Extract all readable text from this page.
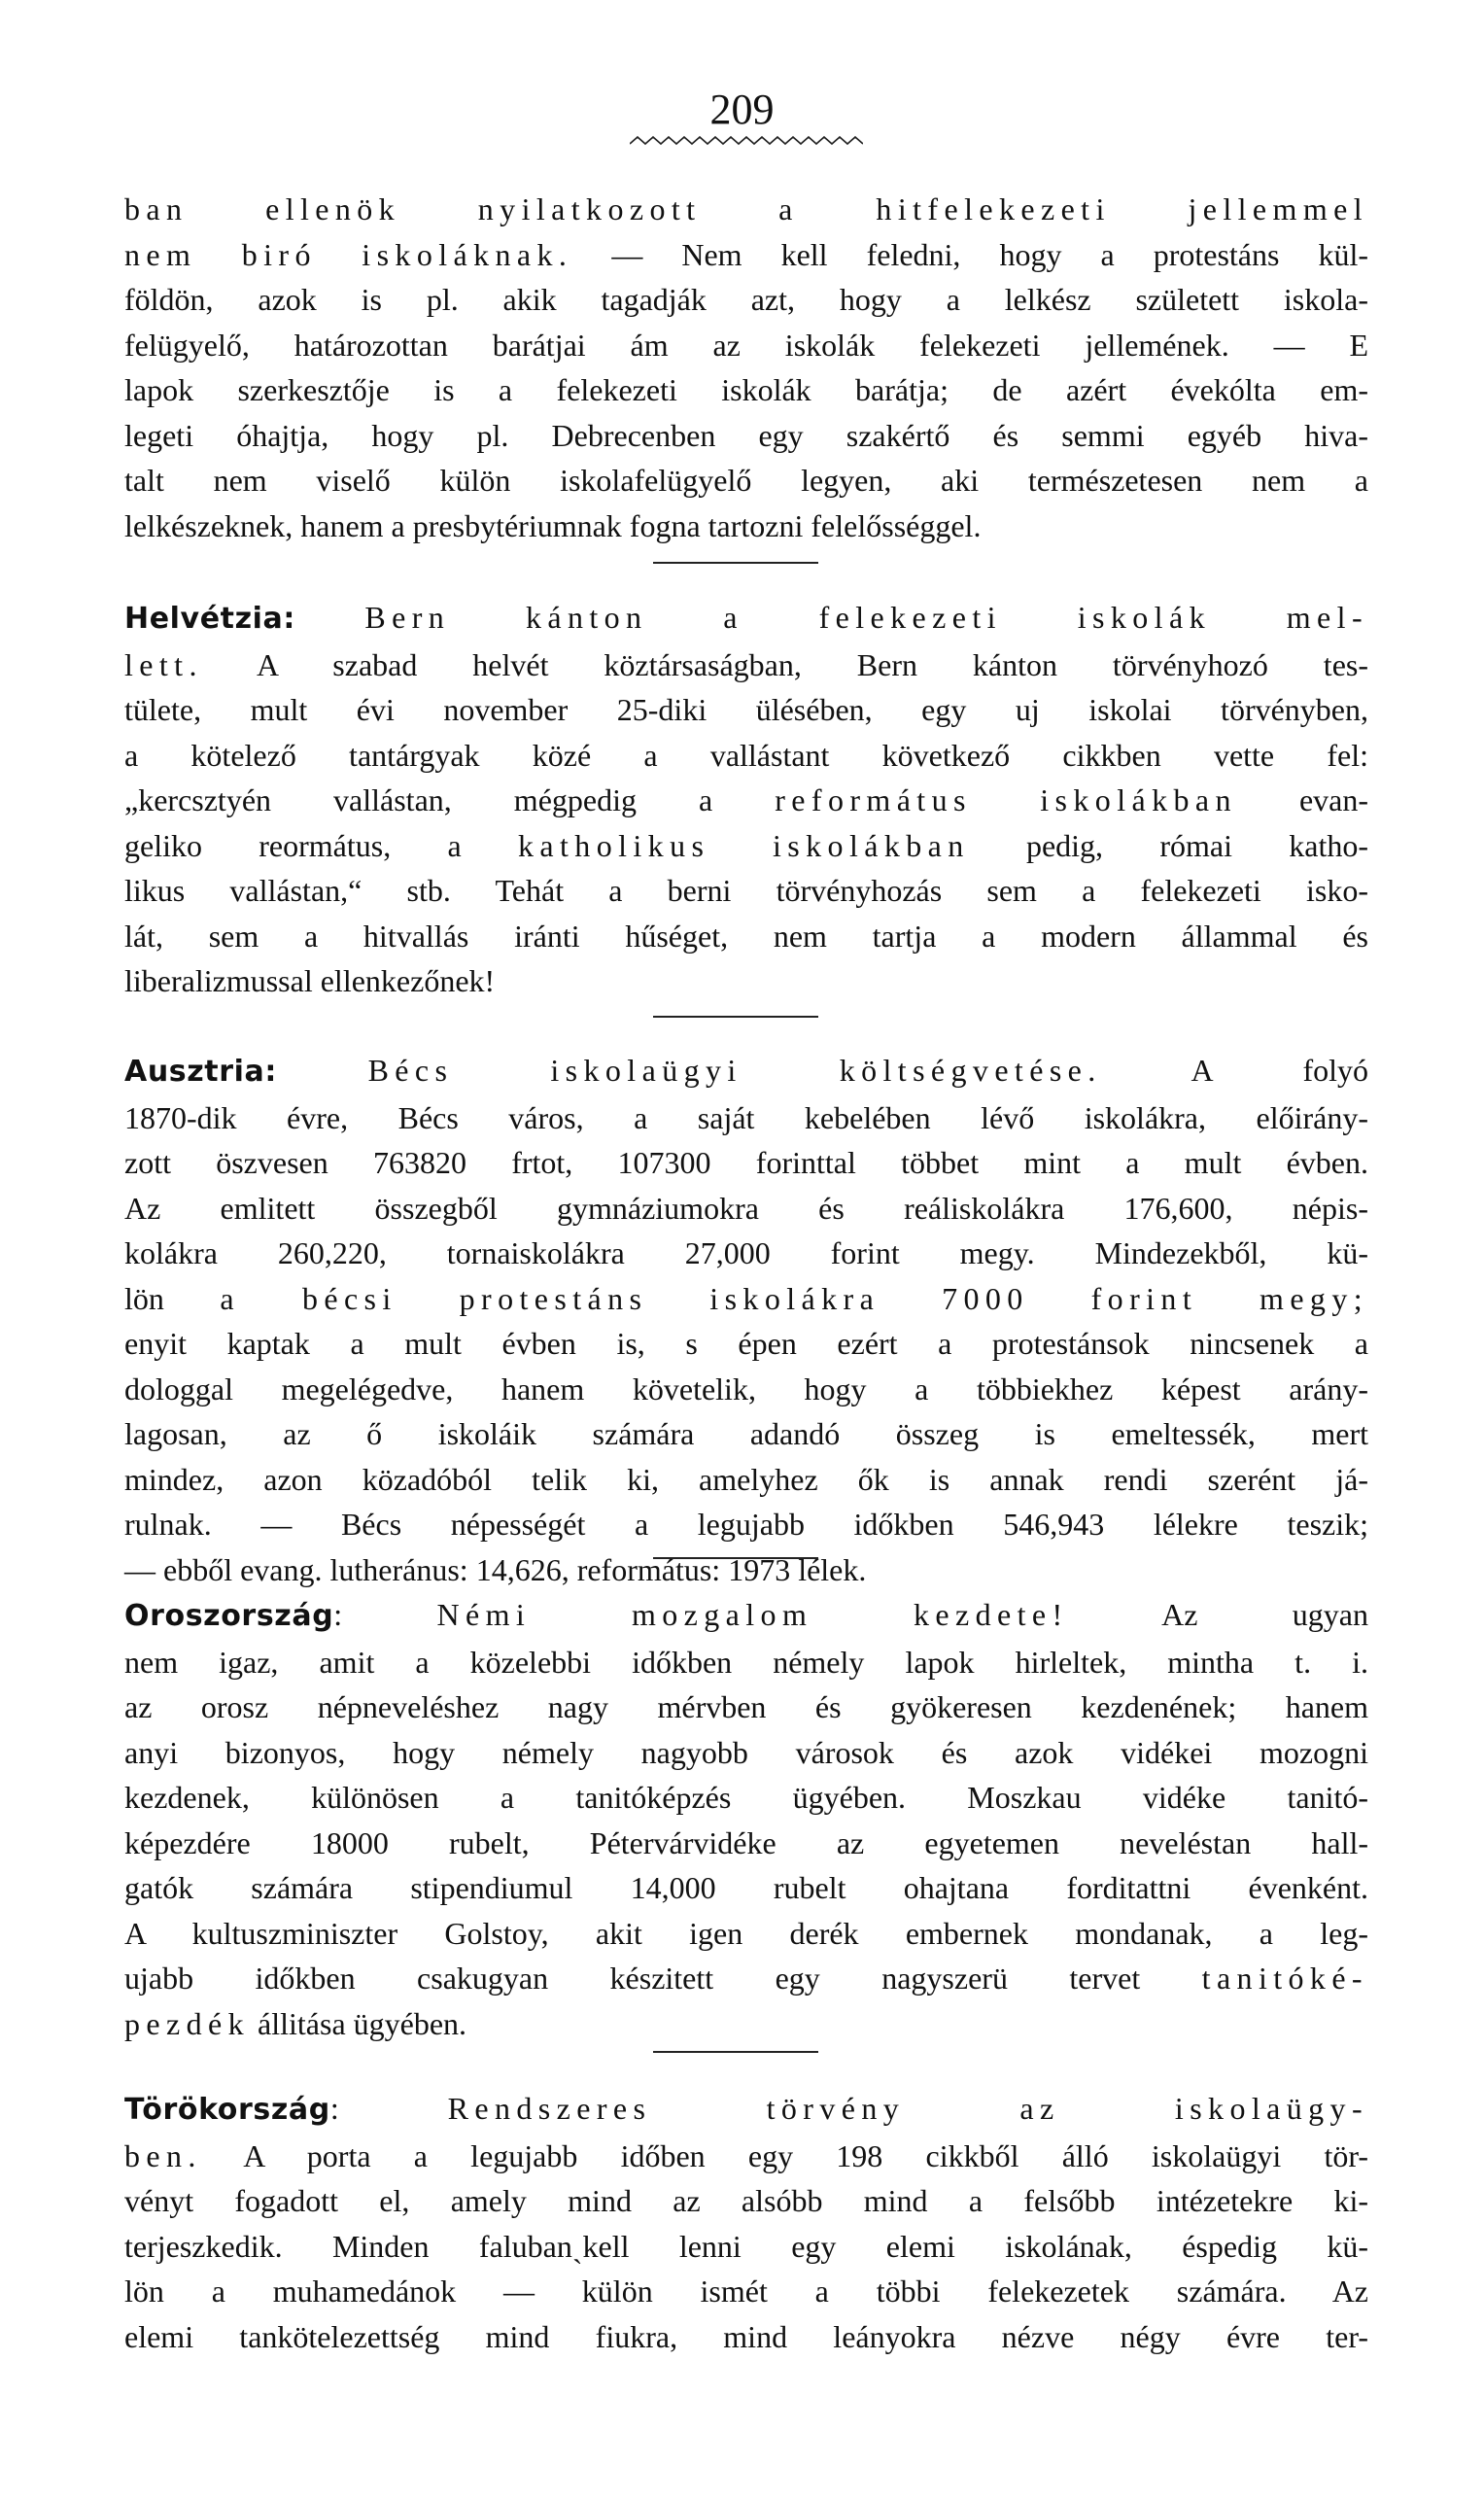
209

ban ellenök nyilatkozott a hitfelekezeti jellemmel

nem biró iskoláknak. — Nem kell feledni, hogy a protestáns kül-

földön, azok is pl. akik tagadják azt, hogy a lelkész született iskola-

felügyelő, határozottan barátjai ám az iskolák felekezeti jellemének. — E

lapok szerkesztője is a felekezeti iskolák barátja; de azért évekólta em-

legeti óhajtja, hogy pl. Debrecenben egy szakértő és semmi egyéb hiva-

talt nem viselő külön iskolafelügyelő legyen, aki természetesen nem a

lelkészeknek, hanem a presbytériumnak fogna tartozni felelősséggel.

Helvétzia: Bern kánton a felekezeti iskolák mel-

lett. A szabad helvét köztársaságban, Bern kánton törvényhozó tes-

tülete, mult évi november 25-diki ülésében, egy uj iskolai törvényben,

a kötelező tantárgyak közé a vallástant következő cikkben vette fel:

„kercsztyén vallástan, mégpedig a református iskolákban evan-

geliko reormátus, a katholikus iskolákban pedig, római katho-

likus vallástan,“ stb. Tehát a berni törvényhozás sem a felekezeti isko-

lát, sem a hitvallás iránti hűséget, nem tartja a modern állammal és

liberalizmussal ellenkezőnek!

Ausztria:	Bécs iskolaügyi költségvetése. A folyó

1870-dik évre, Bécs város, a saját kebelében lévő iskolákra, előirány-

zott öszvesen 763820 frtot, 107300 forinttal többet mint a mult évben.

Az emlitett összegből gymnáziumokra és reáliskolákra 176,600, népis-

kolákra 260,220, tornaiskolákra 27,000 forint megy. Mindezekből, kü-

lön a bécsi protestáns iskolákra 7000 forint megy;

enyit kaptak a mult évben is, s épen ezért a protestánsok nincsenek a

dologgal megelégedve, hanem követelik, hogy a többiekhez képest arány-

lagosan, az ő iskoláik számára adandó összeg is emeltessék, mert

mindez, azon közadóból telik ki, amelyhez ők is annak rendi szerént já-

rulnak. — Bécs népességét a legujabb időkben 546,943 lélekre teszik;

— ebből evang. lutheránus: 14,626, református: 1973 lélek.

Oroszország: Némi mozgalom kezdete! Az ugyan

nem igaz, amit a közelebbi időkben némely lapok hirleltek, mintha t. i.

az orosz népneveléshez nagy mérvben és gyökeresen kezdenének; hanem

anyi bizonyos, hogy némely nagyobb városok és azok vidékei mozogni

kezdenek, különösen a tanitóképzés ügyében. Moszkau vidéke tanitó-

képezdére 18000 rubelt, Pétervárvidéke az egyetemen neveléstan hall-

gatók számára stipendiumul 14,000 rubelt ohajtana forditattni évenként.

A kultuszminiszter Golstoy, akit igen derék embernek mondanak, a leg-

ujabb időkben csakugyan készitett egy nagyszerü tervet tanitóké-

pezdék állitása ügyében.

Törökország: Rendszeres törvény az iskolaügy-

ben. A porta a legujabb időben egy 198 cikkből álló iskolaügyi tör-

vényt fogadott el, amely mind az alsóbb mind a felsőbb intézetekre ki-

terjeszkedik. Minden falubanˏkell lenni egy elemi iskolának, éspedig kü-

lön a muhamedánok — külön ismét a többi felekezetek számára. Az

elemi tankötelezettség mind fiukra, mind leányokra nézve négy évre ter-
